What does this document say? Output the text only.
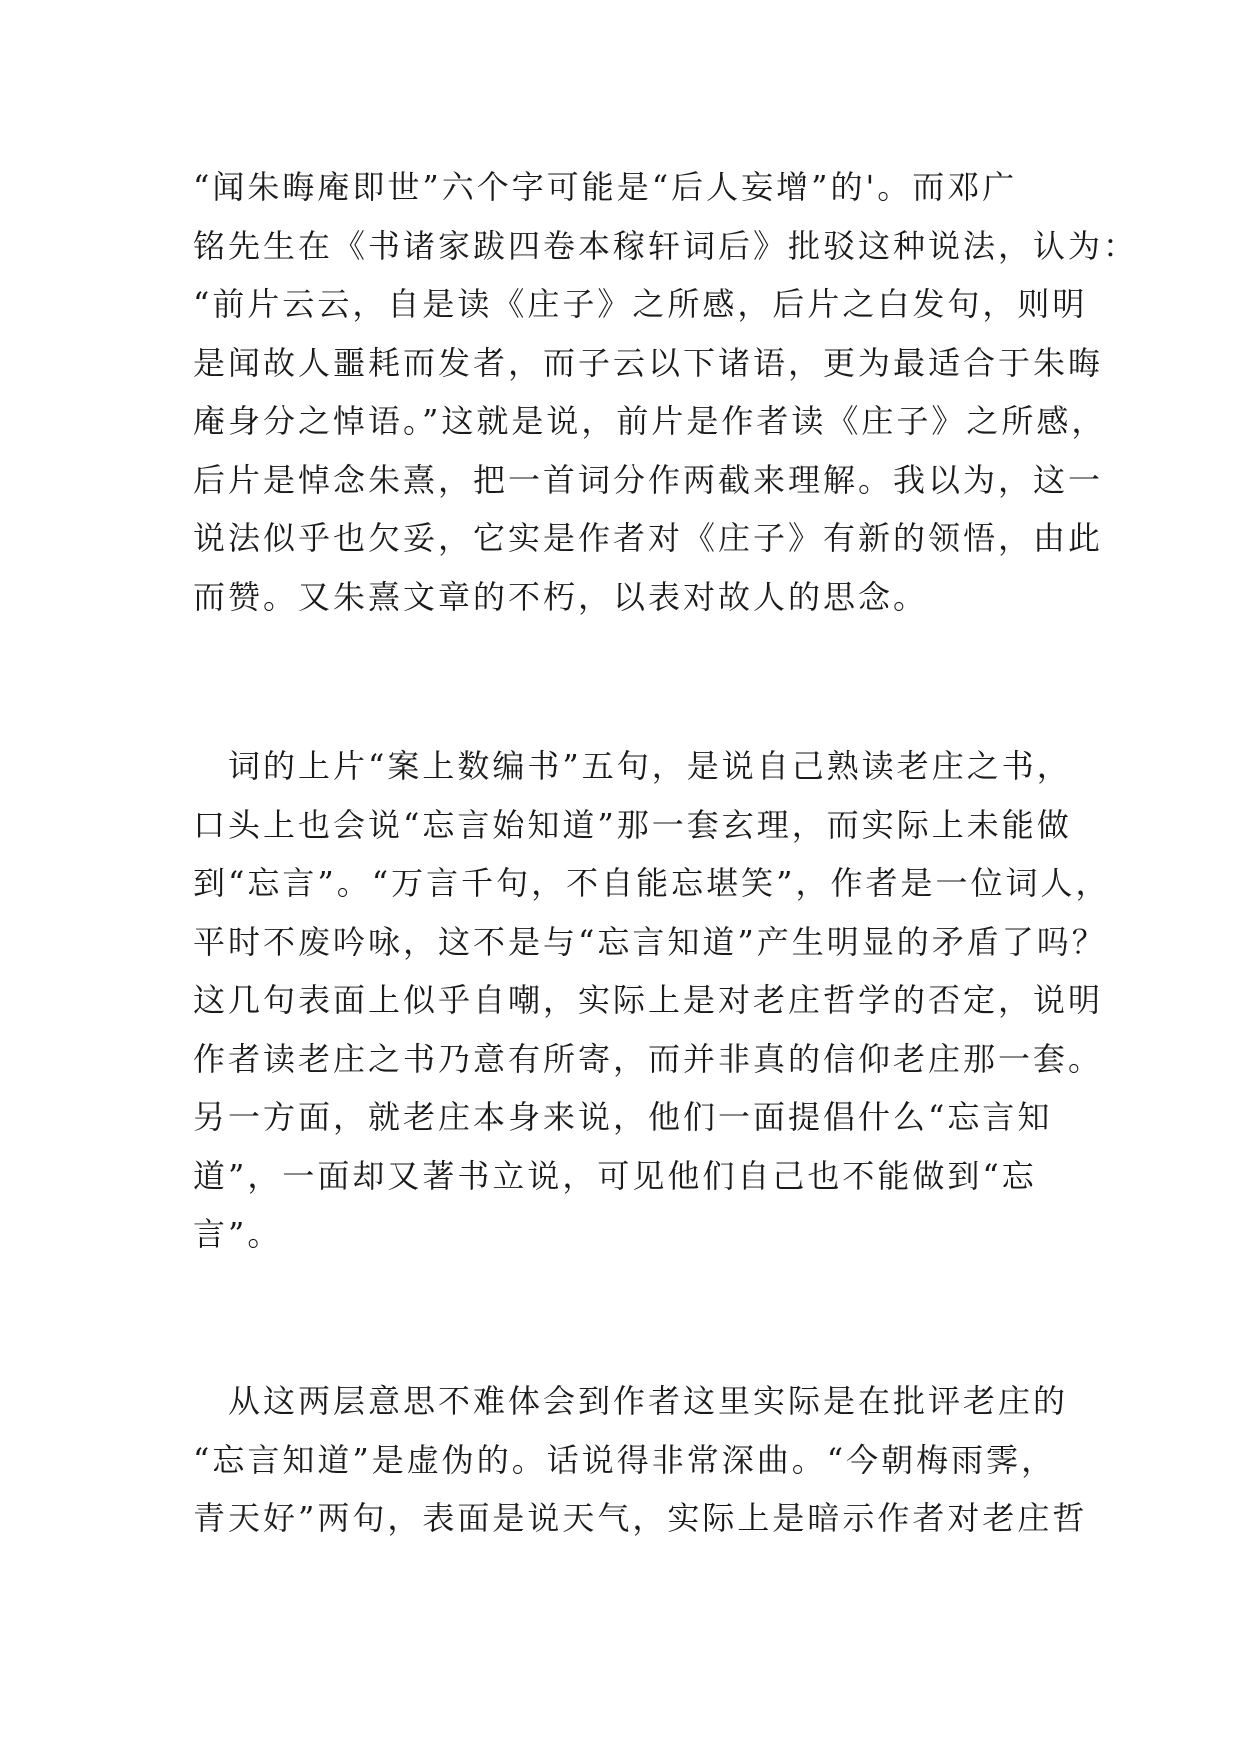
“闻朱晦庵即世”六个字可能是“后人妄增”的'。而邓广
铭先生在《书诸家跋四卷本稼轩词后》批驳这种说法，认为：
“前片云云，自是读《庄子》之所感，后片之白发句，则明
是闻故人噩耗而发者，而子云以下诸语，更为最适合于朱晦
庵身分之悼语。”这就是说，前片是作者读《庄子》之所感，
后片是悼念朱熹，把一首词分作两截来理解。我以为，这一
说法似乎也欠妥，它实是作者对《庄子》有新的领悟，由此
而赞。又朱熹文章的不朽，以表对故人的思念。
　词的上片“案上数编书”五句，是说自己熟读老庄之书，
口头上也会说“忘言始知道”那一套玄理，而实际上未能做
到“忘言”。“万言千句，不自能忘堪笑”，作者是一位词人，
平时不废吟咏，这不是与“忘言知道”产生明显的矛盾了吗？
这几句表面上似乎自嘲，实际上是对老庄哲学的否定，说明
作者读老庄之书乃意有所寄，而并非真的信仰老庄那一套。
另一方面，就老庄本身来说，他们一面提倡什么“忘言知
道”，一面却又著书立说，可见他们自己也不能做到“忘
言”。
　从这两层意思不难体会到作者这里实际是在批评老庄的
“忘言知道”是虚伪的。话说得非常深曲。“今朝梅雨霁，
青天好”两句，表面是说天气，实际上是暗示作者对老庄哲
